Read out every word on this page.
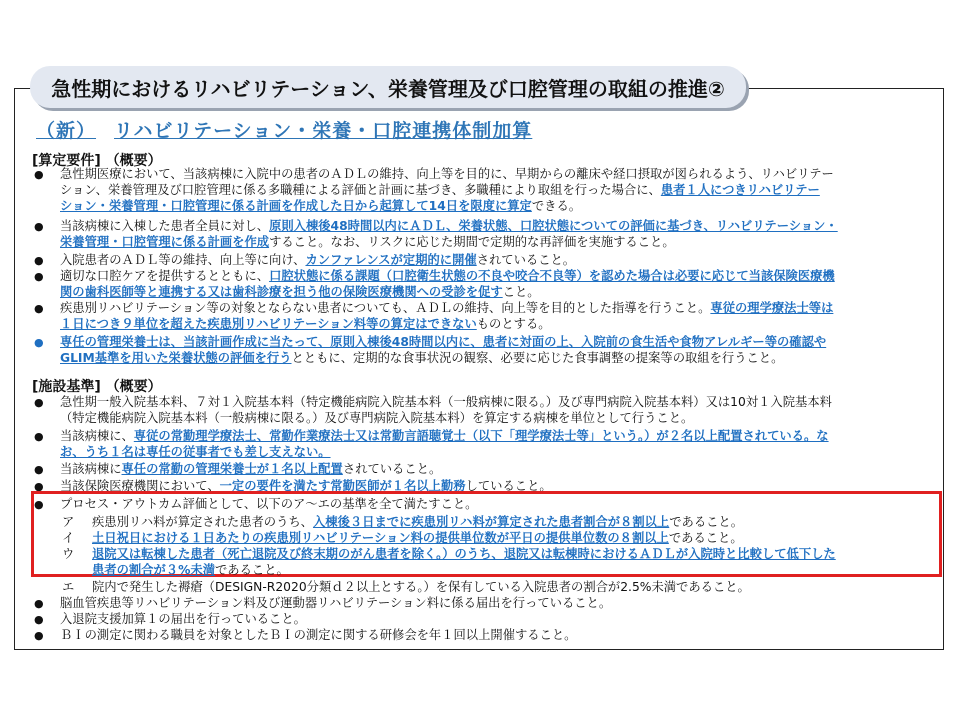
急性期におけるリハビリテーション、栄養管理及び口腔管理の取組の推進②
（新） リハビリテーション・栄養・口腔連携体制加算
[算定要件] （概要）
● 急性期医療において、当該病棟に入院中の患者のＡＤＬの維持、向上等を目的に、早期からの離床や経口摂取が図られるよう、リハビリテー
ション、栄養管理及び口腔管理に係る多職種による評価と計画に基づき、多職種により取組を行った場合に、患者１人につきリハビリテー
ション・栄養管理・口腔管理に係る計画を作成した日から起算して14日を限度に算定できる。
● 当該病棟に入棟した患者全員に対し、原則入棟後48時間以内にＡＤＬ、栄養状態、口腔状態についての評価に基づき、リハビリテーション・
栄養管理・口腔管理に係る計画を作成すること。なお、リスクに応じた期間で定期的な再評価を実施すること。
● 入院患者のＡＤＬ等の維持、向上等に向け、カンファレンスが定期的に開催されていること。
● 適切な口腔ケアを提供するとともに、口腔状態に係る課題（口腔衛生状態の不良や咬合不良等）を認めた場合は必要に応じて当該保険医療機
関の歯科医師等と連携する又は歯科診療を担う他の保険医療機関への受診を促すこと。
● 疾患別リハビリテーション等の対象とならない患者についても、ＡＤＬの維持、向上等を目的とした指導を行うこと。専従の理学療法士等は
１日につき９単位を超えた疾患別リハビリテーション料等の算定はできないものとする。
● 専任の管理栄養士は、当該計画作成に当たって、原則入棟後48時間以内に、患者に対面の上、入院前の食生活や食物アレルギー等の確認や
GLIM基準を用いた栄養状態の評価を行うとともに、定期的な食事状況の観察、必要に応じた食事調整の提案等の取組を行うこと。
[施設基準] （概要）
● 急性期一般入院基本料、７対１入院基本料（特定機能病院入院基本料（一般病棟に限る。）及び専門病院入院基本料）又は10対１入院基本料
（特定機能病院入院基本料（一般病棟に限る。）及び専門病院入院基本料）を算定する病棟を単位として行うこと。
● 当該病棟に、専従の常勤理学療法士、常勤作業療法士又は常勤言語聴覚士（以下「理学療法士等」という。）が２名以上配置されている。な
お、うち１名は専任の従事者でも差し支えない。
● 当該病棟に専任の常勤の管理栄養士が１名以上配置されていること。
● 当該保険医療機関において、一定の要件を満たす常勤医師が１名以上勤務していること。
● プロセス・アウトカム評価として、以下のア～エの基準を全て満たすこと。
ア 疾患別リハ料が算定された患者のうち、入棟後３日までに疾患別リハ料が算定された患者割合が８割以上であること。
イ 土日祝日における１日あたりの疾患別リハビリテーション料の提供単位数が平日の提供単位数の８割以上であること。
ウ 退院又は転棟した患者（死亡退院及び終末期のがん患者を除く。）のうち、退院又は転棟時におけるＡＤＬが入院時と比較して低下した
患者の割合が３%未満であること。
エ 院内で発生した褥瘡（DESIGN-R2020分類ｄ２以上とする。）を保有している入院患者の割合が2.5%未満であること。
● 脳血管疾患等リハビリテーション料及び運動器リハビリテーション料に係る届出を行っていること。
● 入退院支援加算１の届出を行っていること。
● ＢＩの測定に関わる職員を対象としたＢＩの測定に関する研修会を年１回以上開催すること。
